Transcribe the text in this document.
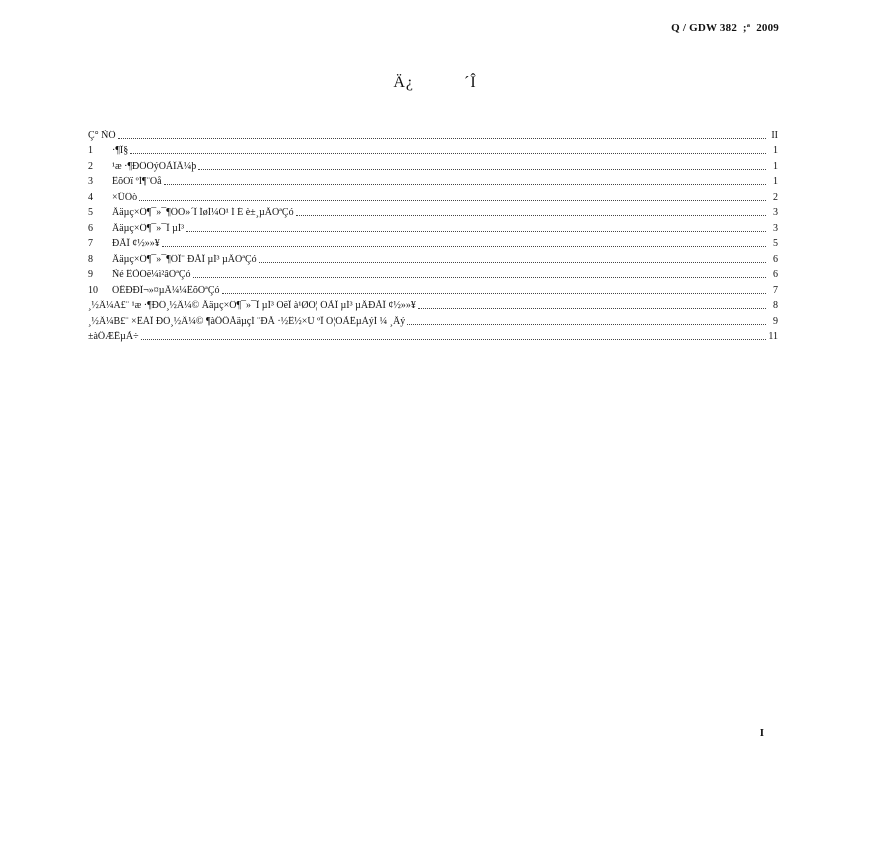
Q / GDW 382  ;ª  2009
Ä¿          ´Î
Ç° ÑÔ	II
1	·¶Î§	1
2	¹æ ·¶ÐÔÒýÓÃÎÄ¼þ	1
3	ÊõÓï ºÍ¶¨Òå	1
4	×ÜÔò	2
5	Åäµç×Ô¶¯»¯¶ÔÒ»´Î ÍøÍ¼Ó¹ Í É è±¸µÄÒªÇó	3
6	Åäµç×Ô¶¯»¯Ï µÍ³	3
7	ÐÅÏ ¢½»»¥	5
8	Åäµç×Ô¶¯»¯¶ÔÏ¨ ÐÅÏ µÍ³ µÄÒªÇó	6
9	Ñé ÊÕÓë¼ì²âÒªÇó	6
10	ÔËÐÐÎ¬»¤µÄ¼¼ÊõÒªÇó	7
¸½Â¼A£¨ ¹æ ·¶ÐÔ¸½Â¼© Åäµç×Ô¶¯»¯Ï µÍ³ ÓëÏ à¹ØÓ¦ ÓÃÏ µÍ³ µÄÐÅÏ ¢½»»¥	8
¸½Â¼B£¨ ×ÊÁÏ ÐÔ¸½Â¼© ¶àÖÖÅäµçÍ ¨ÐÅ ·½Ê½×Û ºÏ Ó¦ÓÃÊµÀýÍ ¼ ¸Åý	9
±àÖÆËµÃ÷	11
I
